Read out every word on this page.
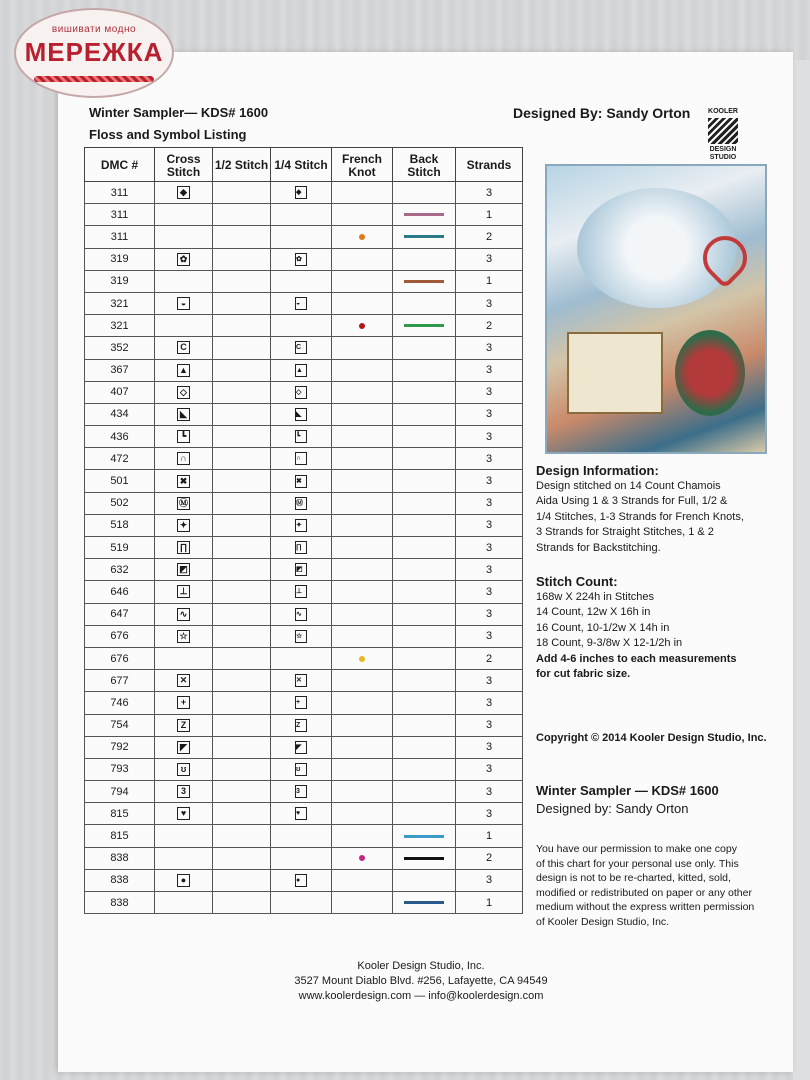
вишивати модно
МЕРЕЖКА
Winter Sampler— KDS# 1600
Floss and Symbol Listing
Designed By: Sandy Orton	KOOLER
DESIGN
STUDIO
DMC #	Cross Stitch	1/2 Stitch	1/4 Stitch	French Knot	Back Stitch	Strands
311	◆		◆			3
311						1
311						2
319	✿		✿			3
319						1
321	◒		◒			3
321						2
352	C		C			3
367	▲		▲			3
407	◇		◇			3
434	◣		◣			3
436	┗		┗			3
472	∩		∩			3
501	✖		✖			3
502	Ⓜ		Ⓜ			3
518	✦		✦			3
519	∏		∏			3
632	◩		◩			3
646	⊥		⊥			3
647	∿		∿			3
676	☆		☆			3
676						2
677	✕		✕			3
746	+		+			3
754	Z		Z			3
792	◤		◤			3
793	ʊ		ʊ			3
794	3		3			3
815	♥		♥			3
815						1
838						2
838	●		●			3
838						1
Design Information:
Design stitched on 14 Count Chamois
Aida Using 1 & 3 Strands for Full, 1/2 &
1/4 Stitches, 1-3 Strands for French Knots,
3 Strands for Straight Stitches, 1 & 2
Strands for Backstitching.
Stitch Count:
168w X 224h in Stitches
14 Count, 12w X 16h in
16 Count, 10-1/2w X 14h in
18 Count, 9-3/8w X 12-1/2h in
Add 4-6 inches to each measurements
for cut fabric size.
Copyright © 2014 Kooler Design Studio, Inc.
Winter Sampler — KDS# 1600
Designed by: Sandy Orton
You have our permission to make one copy
of this chart for your personal use only. This
design is not to be re-charted, kitted, sold,
modified or redistributed on paper or any other
medium without the express written permission
of Kooler Design Studio, Inc.
Kooler Design Studio, Inc.
3527 Mount Diablo Blvd. #256, Lafayette, CA 94549
www.koolerdesign.com — info@koolerdesign.com
